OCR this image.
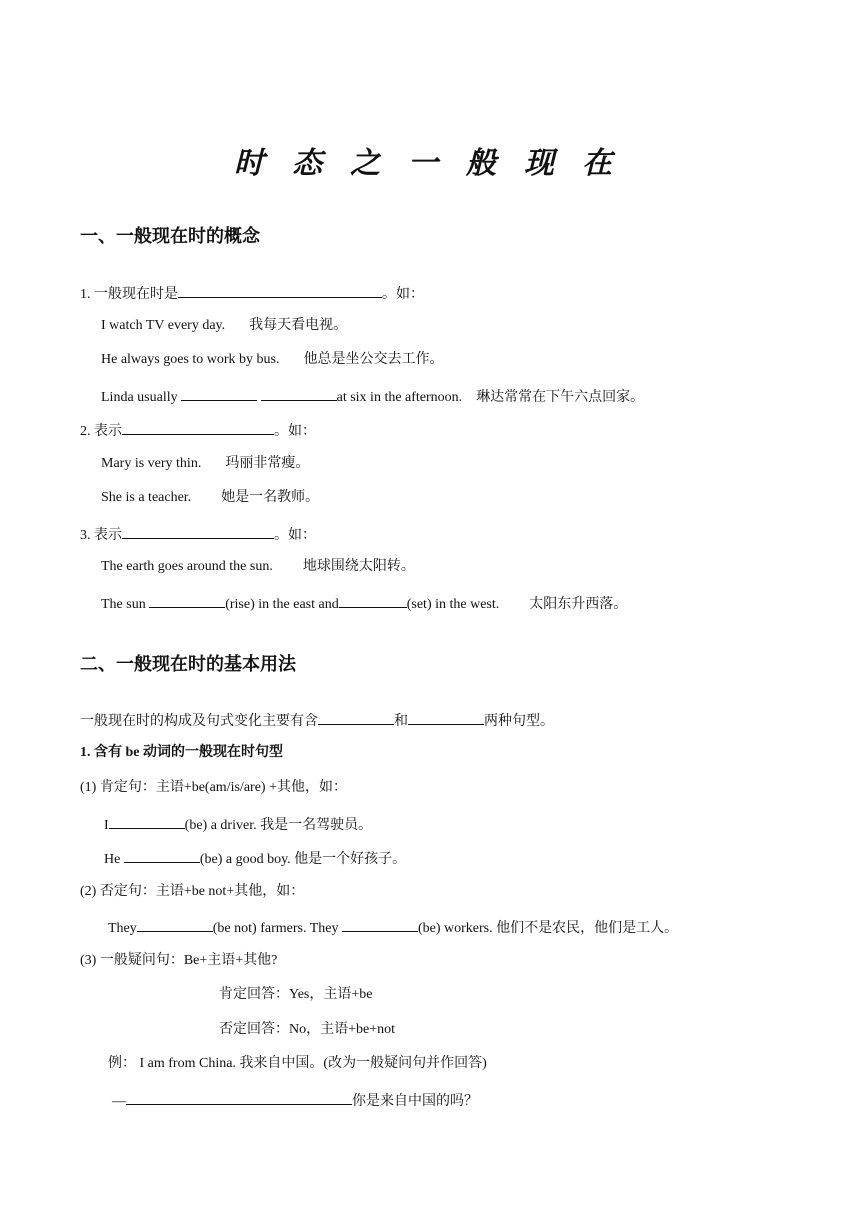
时态之一般现在
一、一般现在时的概念
1. 一般现在时是	。如：
I watch TV every day. 我每天看电视。
He always goes to work by bus. 他总是坐公交去工作。
Linda usually	at six in the afternoon. 琳达常常在下午六点回家。
2. 表示	。如：
Mary is very thin. 玛丽非常瘦。
She is a teacher. 她是一名教师。
3. 表示	。如：
The earth goes around the sun. 地球围绕太阳转。
The sun	(rise) in the east and	(set) in the west. 太阳东升西落。
二、一般现在时的基本用法
一般现在时的构成及句式变化主要有含	和	两种句型。
1. 含有 be 动词的一般现在时句型
(1) 肯定句：主语+be(am/is/are) +其他，如：
I	(be) a driver. 我是一名驾驶员。
He	(be) a good boy. 他是一个好孩子。
(2) 否定句：主语+be not+其他，如：
They	(be not) farmers. They	(be) workers. 他们不是农民，他们是工人。
(3) 一般疑问句：Be+主语+其他?
肯定回答：Yes，主语+be
否定回答：No，主语+be+not
例： I am from China. 我来自中国。(改为一般疑问句并作回答)
—	你是来自中国的吗？
